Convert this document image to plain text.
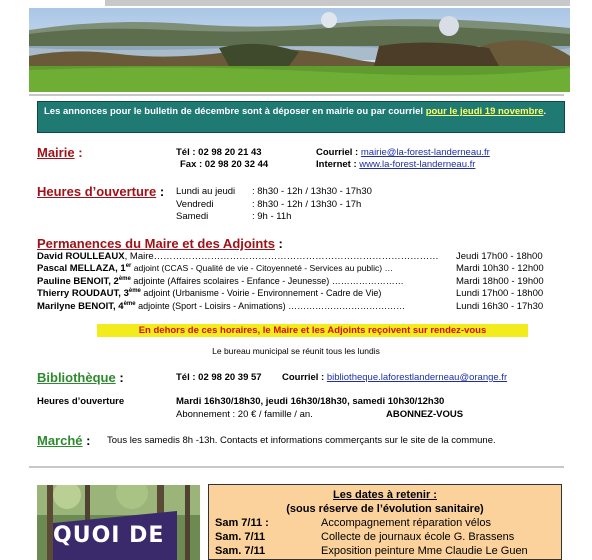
Les annonces pour le bulletin de décembre sont à déposer en mairie ou par courriel pour le jeudi 19 novembre.
Mairie :	Tél : 02 98 20 21 43
Fax : 02 98 20 32 44
Courriel : mairie@la-forest-landerneau.fr
Internet : www.la-forest-landerneau.fr
Heures d’ouverture : Lundi au jeudi : 8h30 - 12h / 13h30 - 17h30
Vendredi	: 8h30 - 12h / 13h30 - 17h
Samedi	: 9h - 11h
Permanences du Maire et des Adjoints :
David ROULLEAUX, Maire……………………………………………………………………………… Jeudi 17h00 - 18h00
Pascal MELLAZA, 1er adjoint (CCAS - Qualité de vie - Citoyenneté - Services au public) …	Mardi 10h30 - 12h00
Pauline BENOIT, 2ème adjointe (Affaires scolaires - Enfance - Jeunesse) ……………………	Mardi 18h00 - 19h00
Thierry ROUDAUT, 3ème adjoint (Urbanisme - Voirie - Environnement - Cadre de Vie)	Lundi 17h00 - 18h00
Marilyne BENOIT, 4ème adjointe (Sport - Loisirs - Animations) …………………………………	Lundi 16h30 - 17h30
En dehors de ces horaires, le Maire et les Adjoints reçoivent sur rendez-vous
Le bureau municipal se réunit tous les lundis
Bibliothèque :	Tél : 02 98 20 39 57 Courriel : bibliotheque.laforestlanderneau@orange.fr
Heures d’ouverture	Mardi 16h30/18h30, jeudi 16h30/18h30, samedi 10h30/12h30
Abonnement : 20 € / famille / an.	ABONNEZ-VOUS
Marché : Tous les samedis 8h -13h. Contacts et informations commerçants sur le site de la commune.
QUOI DE
Les dates à retenir :
(sous réserve de l’évolution sanitaire)
Sam 7/11 :	Accompagnement réparation vélos
Sam. 7/11	Collecte de journaux école G. Brassens
Sam. 7/11	Exposition peinture Mme Claudie Le Guen
